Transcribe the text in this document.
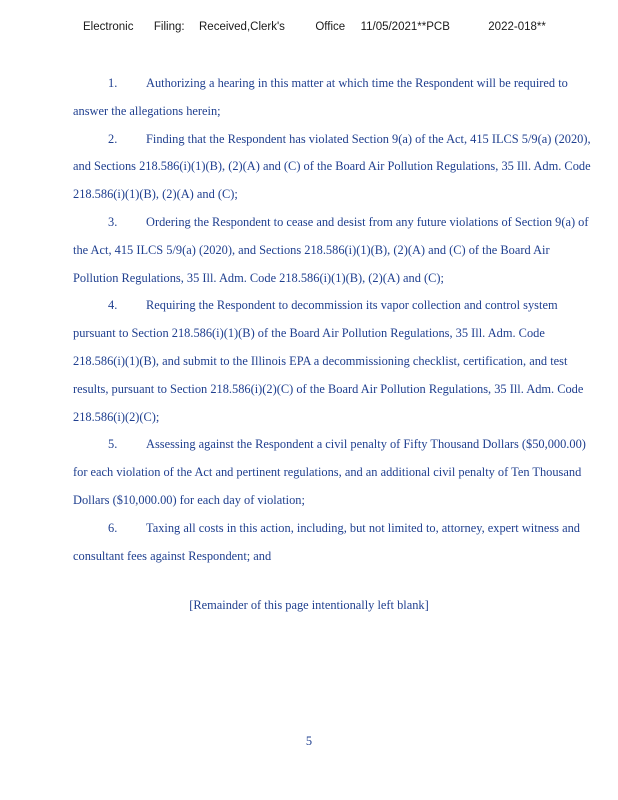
Electronic Filing: Received,Clerk's	Office 11/05/2021**PCB	2022-018**

1. Authorizing a hearing in this matter at which time the Respondent will be required to answer the allegations herein;

2. Finding that the Respondent has violated Section 9(a) of the Act, 415 ILCS 5/9(a) (2020), and Sections 218.586(i)(1)(B), (2)(A) and (C) of the Board Air Pollution Regulations, 35 Ill. Adm. Code 218.586(i)(1)(B), (2)(A) and (C);

3. Ordering the Respondent to cease and desist from any future violations of Section 9(a) of the Act, 415 ILCS 5/9(a) (2020), and Sections 218.586(i)(1)(B), (2)(A) and (C) of the Board Air Pollution Regulations, 35 Ill. Adm. Code 218.586(i)(1)(B), (2)(A) and (C);

4. Requiring the Respondent to decommission its vapor collection and control system pursuant to Section 218.586(i)(1)(B) of the Board Air Pollution Regulations, 35 Ill. Adm. Code 218.586(i)(1)(B), and submit to the Illinois EPA a decommissioning checklist, certification, and test results, pursuant to Section 218.586(i)(2)(C) of the Board Air Pollution Regulations, 35 Ill. Adm. Code 218.586(i)(2)(C);

5. Assessing against the Respondent a civil penalty of Fifty Thousand Dollars ($50,000.00) for each violation of the Act and pertinent regulations, and an additional civil penalty of Ten Thousand Dollars ($10,000.00) for each day of violation;

6. Taxing all costs in this action, including, but not limited to, attorney, expert witness and consultant fees against Respondent; and

[Remainder of this page intentionally left blank]
5
